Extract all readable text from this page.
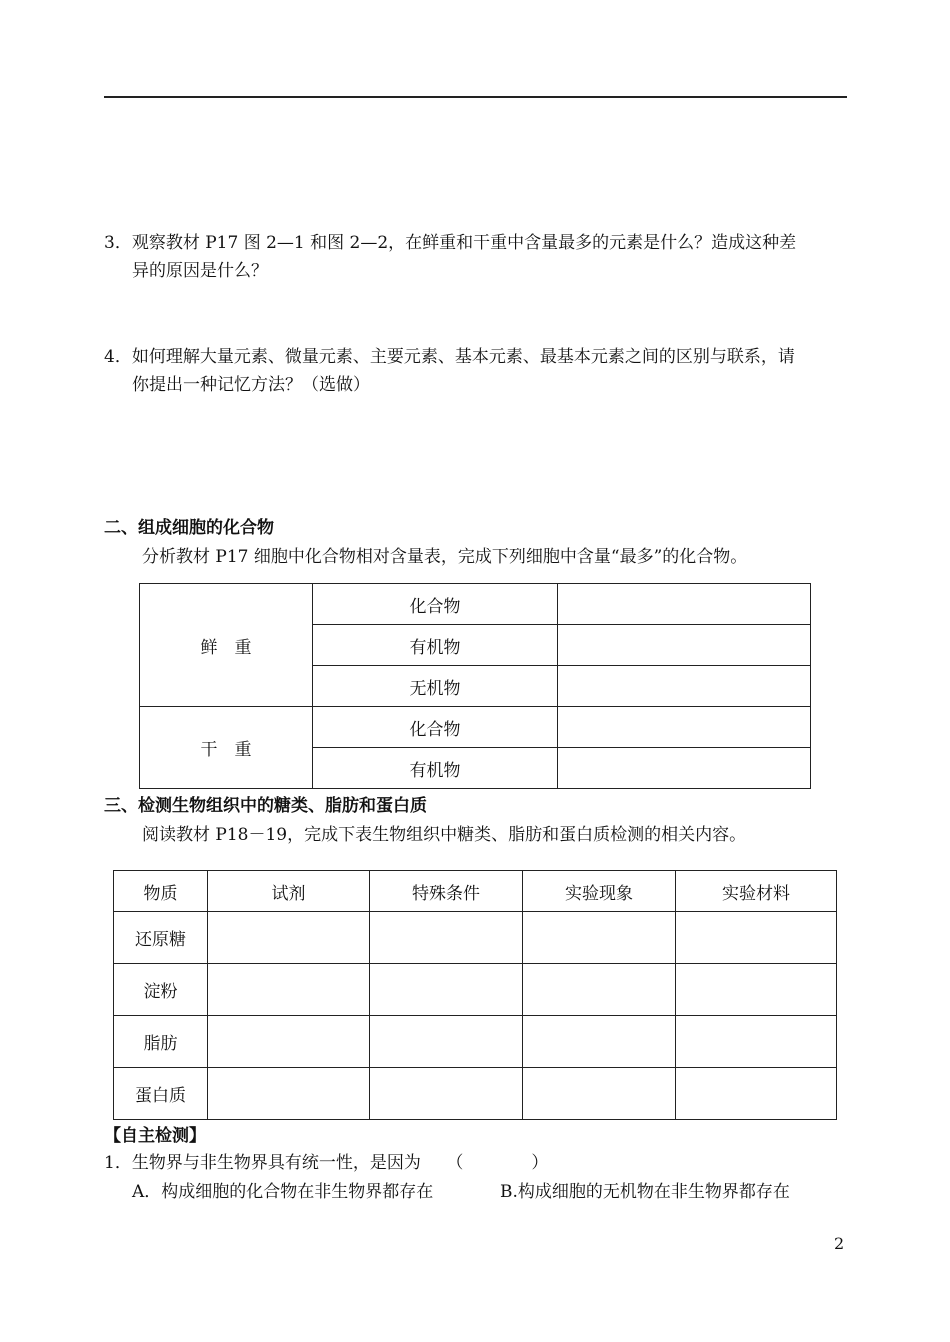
3．观察教材 P17 图 2—1 和图 2—2，在鲜重和干重中含量最多的元素是什么？造成这种差
异的原因是什么？
4．如何理解大量元素、微量元素、主要元素、基本元素、最基本元素之间的区别与联系，请
你提出一种记忆方法？（选做）
二、组成细胞的化合物
分析教材 P17 细胞中化合物相对含量表，完成下列细胞中含量“最多”的化合物。
鲜　重	化合物	
	有机物	
	无机物	
干　重	化合物	
	有机物	
三、检测生物组织中的糖类、脂肪和蛋白质
阅读教材 P18－19，完成下表生物组织中糖类、脂肪和蛋白质检测的相关内容。
物质	试剂	特殊条件	实验现象	实验材料
还原糖				
淀粉				
脂肪				
蛋白质				
【自主检测】
1．生物界与非生物界具有统一性，是因为　　（　　　　）
A．构成细胞的化合物在非生物界都存在	B.构成细胞的无机物在非生物界都存在
2
